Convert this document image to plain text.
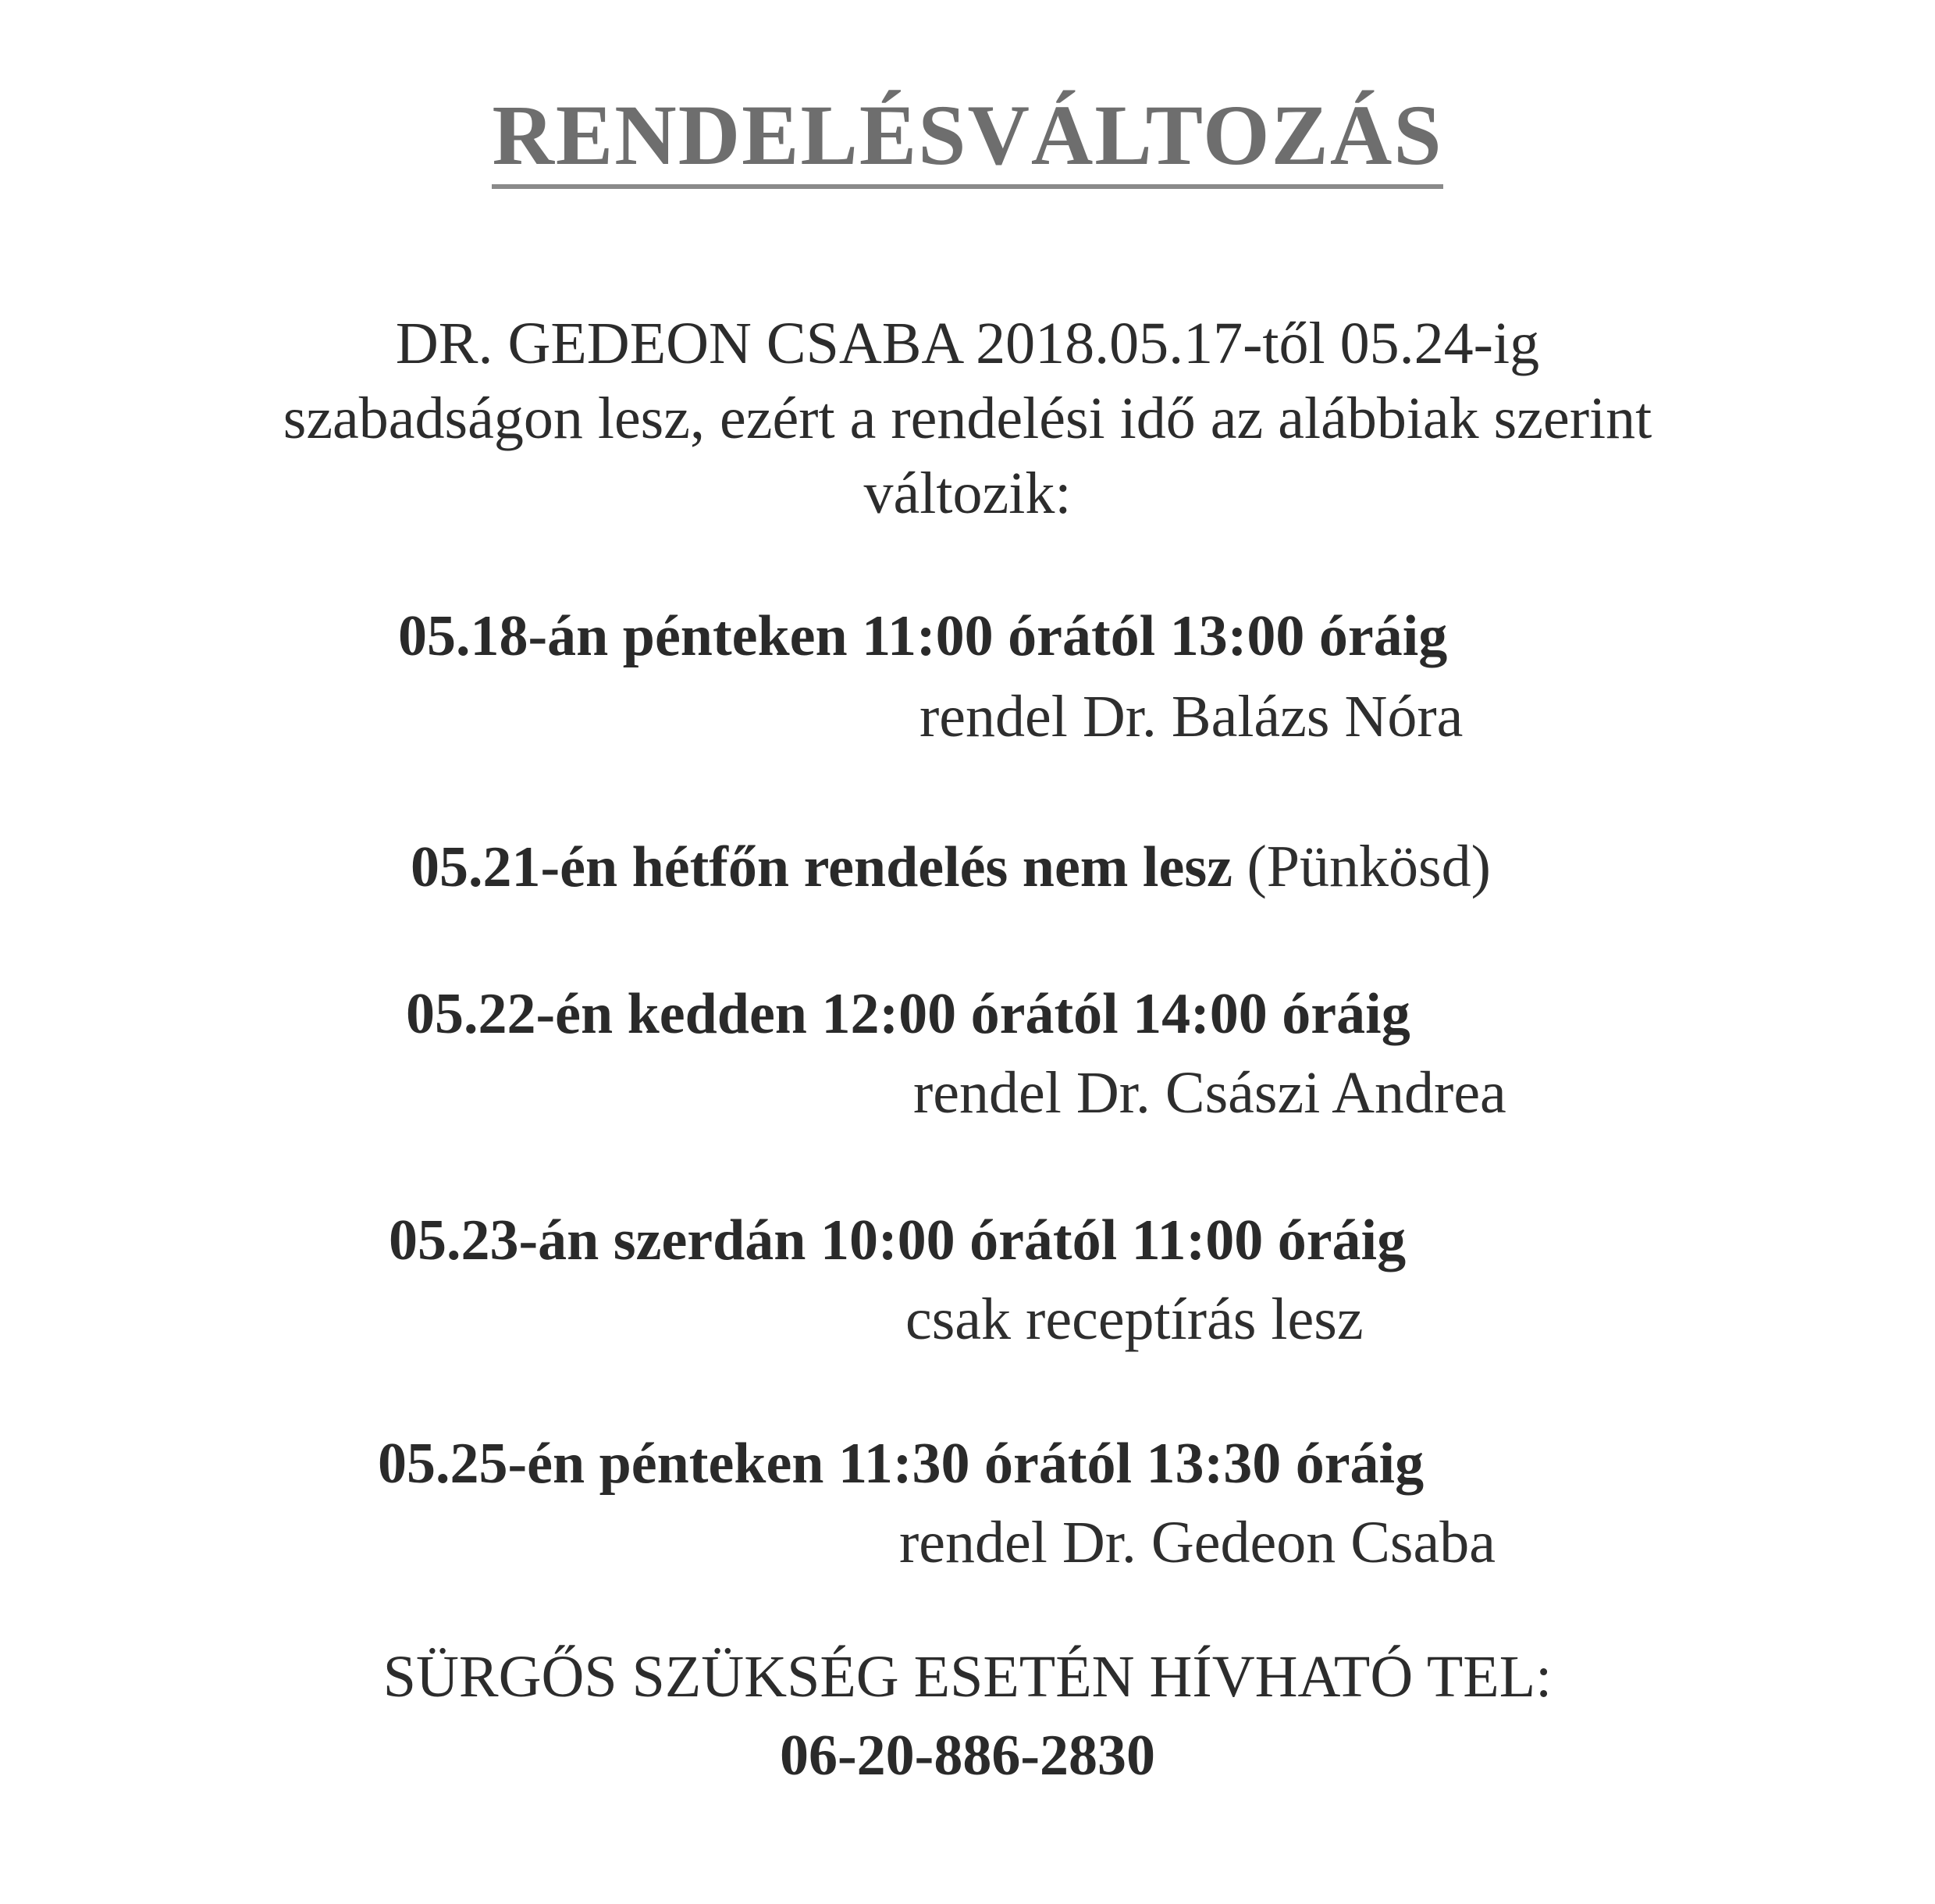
RENDELÉSVÁLTOZÁS
DR. GEDEON CSABA 2018.05.17-től 05.24-ig
szabadságon lesz, ezért a rendelési idő az alábbiak szerint
változik:
05.18-án pénteken 11:00 órától 13:00 óráig
rendel Dr. Balázs Nóra
05.21-én hétfőn rendelés nem lesz (Pünkösd)
05.22-én kedden 12:00 órától 14:00 óráig
rendel Dr. Császi Andrea
05.23-án szerdán 10:00 órától 11:00 óráig
csak receptírás lesz
05.25-én pénteken 11:30 órától 13:30 óráig
rendel Dr. Gedeon Csaba
SÜRGŐS SZÜKSÉG ESETÉN HÍVHATÓ TEL:
06-20-886-2830
